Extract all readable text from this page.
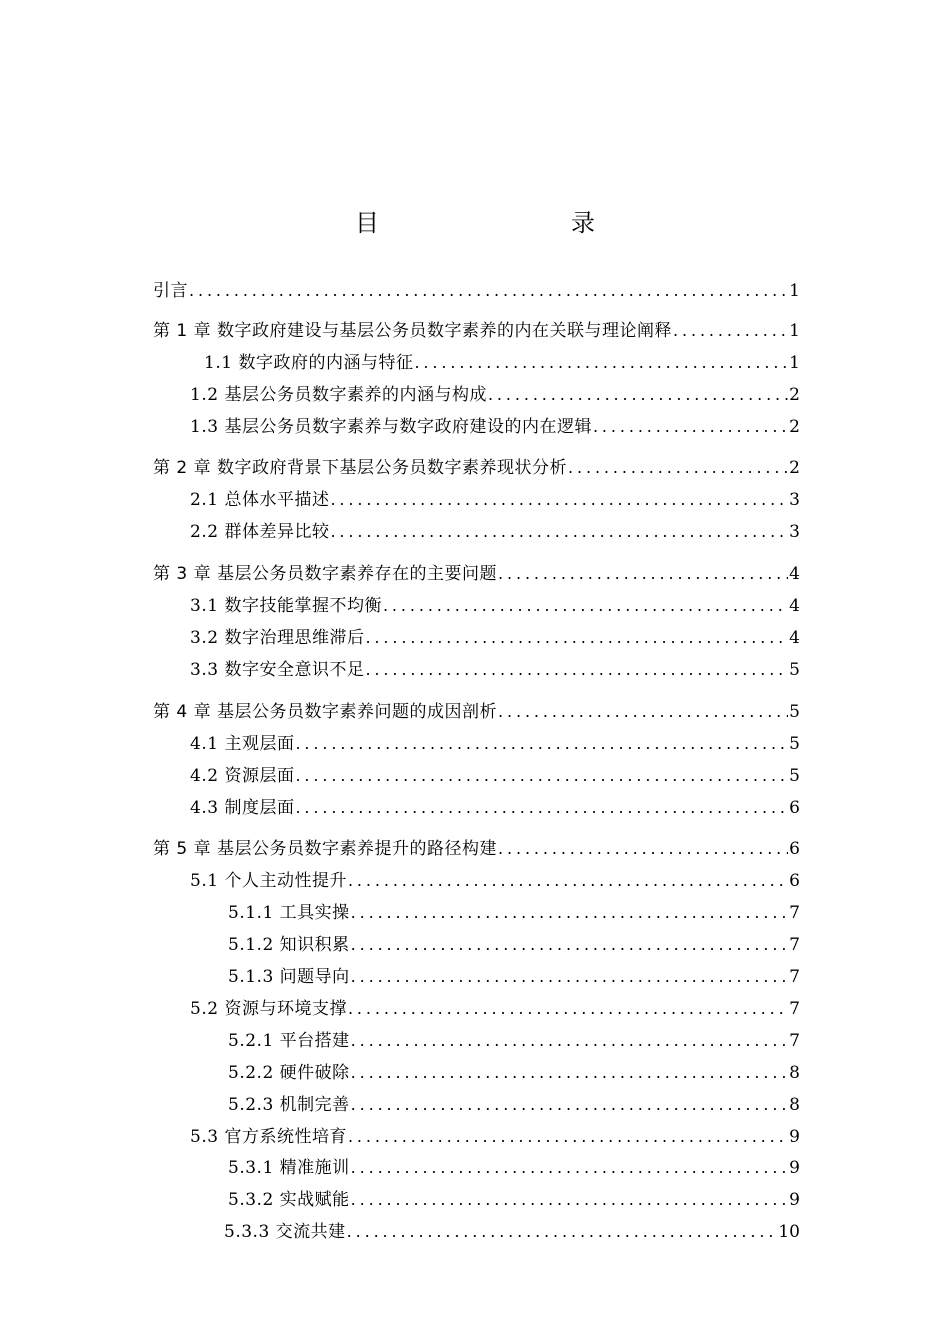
目　　录
引言 . . .	1
第 1 章 数字政府建设与基层公务员数字素养的内在关联与理论阐释 . . .	1
1.1 数字政府的内涵与特征 . . .	1
1.2 基层公务员数字素养的内涵与构成 . . .	2
1.3 基层公务员数字素养与数字政府建设的内在逻辑 . . .	2
第 2 章 数字政府背景下基层公务员数字素养现状分析 . . .	2
2.1 总体水平描述 . . .	3
2.2 群体差异比较 . . .	3
第 3 章 基层公务员数字素养存在的主要问题 . . .	4
3.1 数字技能掌握不均衡 . . .	4
3.2 数字治理思维滞后 . . .	4
3.3 数字安全意识不足 . . .	5
第 4 章 基层公务员数字素养问题的成因剖析 . . .	5
4.1 主观层面 . . .	5
4.2 资源层面 . . .	5
4.3 制度层面 . . .	6
第 5 章 基层公务员数字素养提升的路径构建 . . .	6
5.1 个人主动性提升 . . .	6
5.1.1 工具实操 . . .	7
5.1.2 知识积累 . . .	7
5.1.3 问题导向 . . .	7
5.2 资源与环境支撑 . . .	7
5.2.1 平台搭建 . . .	7
5.2.2 硬件破除 . . .	8
5.2.3 机制完善 . . .	8
5.3 官方系统性培育 . . .	9
5.3.1 精准施训 . . .	9
5.3.2 实战赋能 . . .	9
5.3.3 交流共建 . . .	10
